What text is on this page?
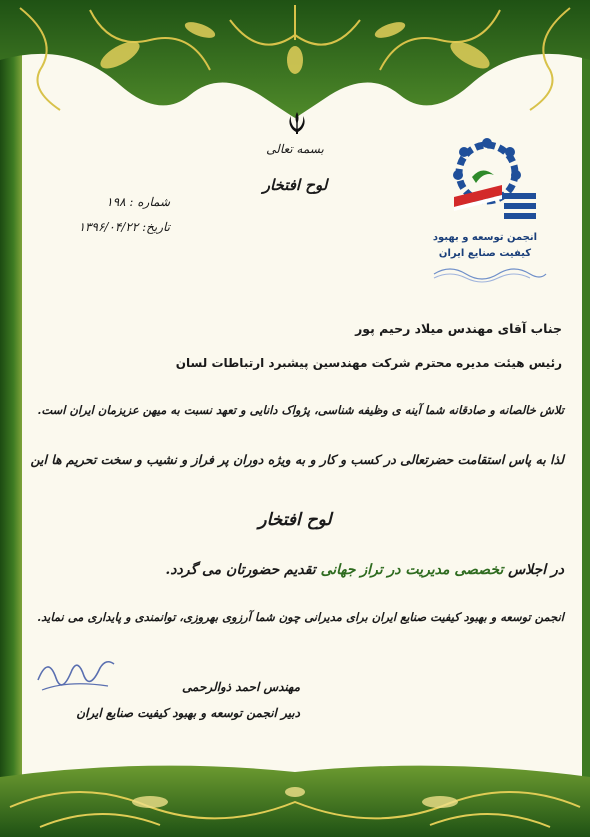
بسمه تعالی
لوح افتخار
شماره : ۱۹۸
تاریخ: ۱۳۹۶/۰۴/۲۲
انجمن توسعه و بهبود
کیفیت صنایع ایران
جناب آقای مهندس میلاد رحیم پور
رئیس هیئت مدیره محترم شرکت مهندسین پیشبرد ارتباطات لسان
تلاش خالصانه و صادقانه شما آینه ی وظیفه شناسی، پژواک دانایی و تعهد نسبت به میهن عزیزمان ایران است.
لذا به پاس استقامت حضرتعالی در کسب و کار و به ویژه دوران پر فراز و نشیب و سخت تحریم ها این
لوح افتخار
در اجلاس تخصصی مدیریت در تراز جهانی تقدیم حضورتان می گردد.
انجمن توسعه و بهبود کیفیت صنایع ایران برای مدیرانی چون شما آرزوی بهروزی، توانمندی و پایداری می نماید.
مهندس احمد ذوالرحمی
دبیر انجمن توسعه و بهبود کیفیت صنایع ایران
